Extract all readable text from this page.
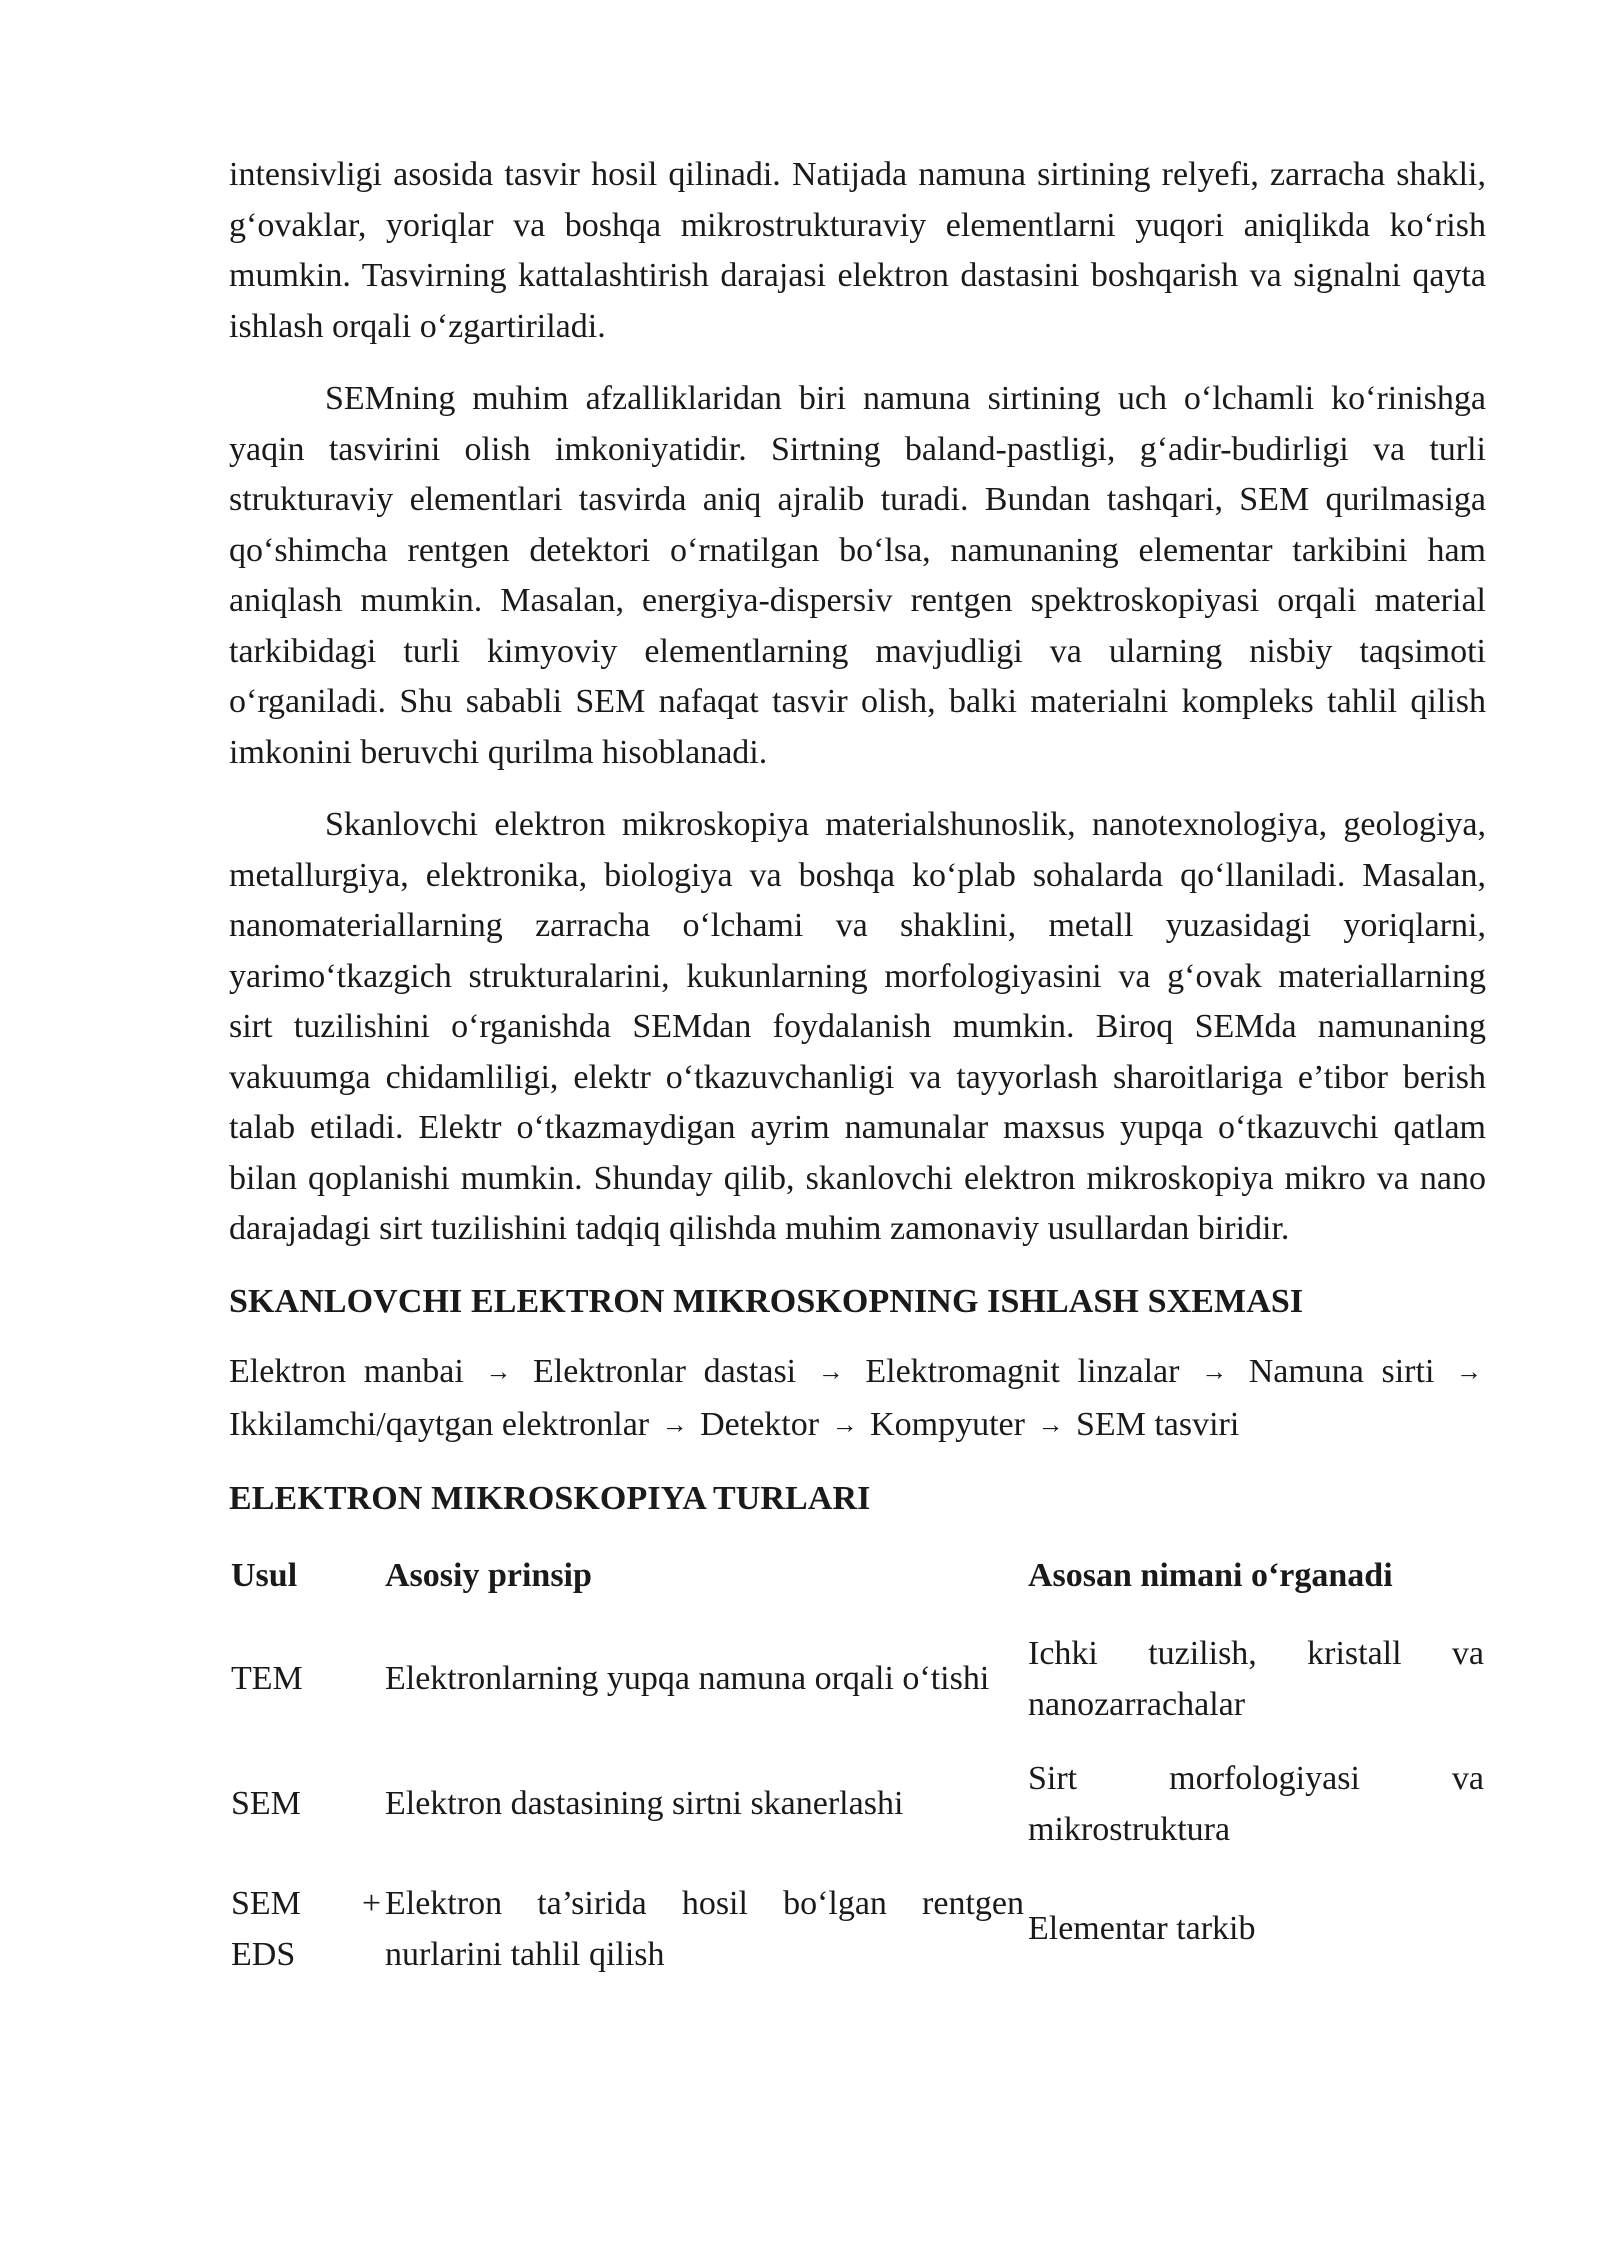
intensivligi asosida tasvir hosil qilinadi. Natijada namuna sirtining relyefi, zarracha shakli, g‘ovaklar, yoriqlar va boshqa mikrostrukturaviy elementlarni yuqori aniqlikda ko‘rish mumkin. Tasvirning kattalashtirish darajasi elektron dastasini boshqarish va signalni qayta ishlash orqali o‘zgartiriladi.

SEMning muhim afzalliklaridan biri namuna sirtining uch o‘lchamli ko‘rinishga yaqin tasvirini olish imkoniyatidir. Sirtning baland-pastligi, g‘adir-budirligi va turli strukturaviy elementlari tasvirda aniq ajralib turadi. Bundan tashqari, SEM qurilmasiga qo‘shimcha rentgen detektori o‘rnatilgan bo‘lsa, namunaning elementar tarkibini ham aniqlash mumkin. Masalan, energiya-dispersiv rentgen spektroskopiyasi orqali material tarkibidagi turli kimyoviy elementlarning mavjudligi va ularning nisbiy taqsimoti o‘rganiladi. Shu sababli SEM nafaqat tasvir olish, balki materialni kompleks tahlil qilish imkonini beruvchi qurilma hisoblanadi.

Skanlovchi elektron mikroskopiya materialshunoslik, nanotexnologiya, geologiya, metallurgiya, elektronika, biologiya va boshqa ko‘plab sohalarda qo‘llaniladi. Masalan, nanomateriallarning zarracha o‘lchami va shaklini, metall yuzasidagi yoriqlarni, yarimo‘tkazgich strukturalarini, kukunlarning morfologiyasini va g‘ovak materiallarning sirt tuzilishini o‘rganishda SEMdan foydalanish mumkin. Biroq SEMda namunaning vakuumga chidamliligi, elektr o‘tkazuvchanligi va tayyorlash sharoitlariga e’tibor berish talab etiladi. Elektr o‘tkazmaydigan ayrim namunalar maxsus yupqa o‘tkazuvchi qatlam bilan qoplanishi mumkin. Shunday qilib, skanlovchi elektron mikroskopiya mikro va nano darajadagi sirt tuzilishini tadqiq qilishda muhim zamonaviy usullardan biridir.

SKANLOVCHI ELEKTRON MIKROSKOPNING ISHLASH SXEMASI

Elektron manbai → Elektronlar dastasi → Elektromagnit linzalar → Namuna sirti → Ikkilamchi/qaytgan elektronlar → Detektor → Kompyuter → SEM tasviri

ELEKTRON MIKROSKOPIYA TURLARI
Usul	Asosiy prinsip	Asosan nimani o‘rganadi
TEM	Elektronlarning yupqa namuna orqali o‘tishi	Ichki tuzilish, kristall va nanozarrachalar
SEM	Elektron dastasining sirtni skanerlashi	Sirt morfologiyasi va mikrostruktura
SEM + EDS	Elektron ta’sirida hosil bo‘lgan rentgen nurlarini tahlil qilish	Elementar tarkib
